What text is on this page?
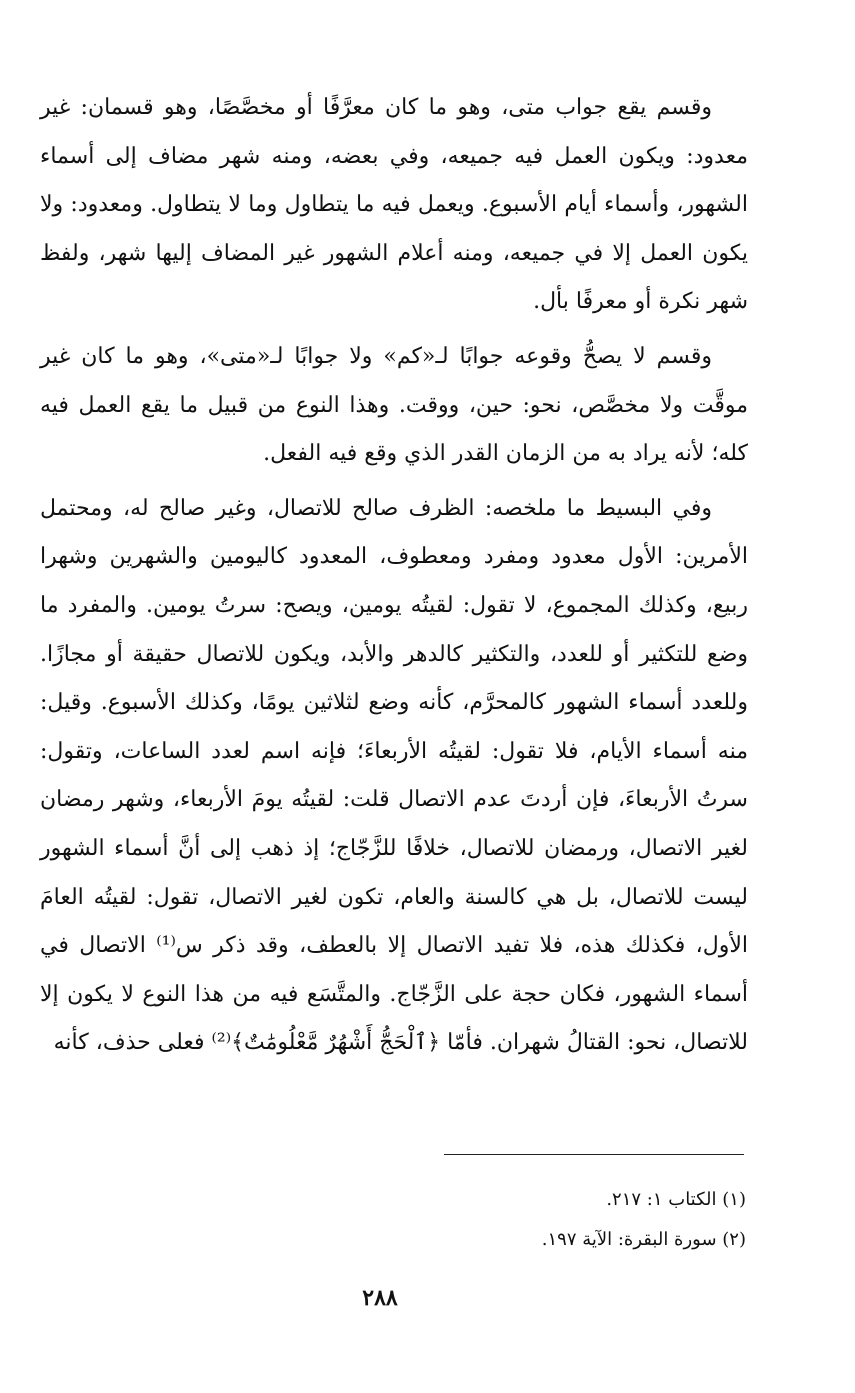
وقسم يقع جواب متى، وهو ما كان معرَّفًا أو مخصَّصًا، وهو قسمان: غير معدود: ويكون العمل فيه جميعه، وفي بعضه، ومنه شهر مضاف إلى أسماء الشهور، وأسماء أيام الأسبوع. ويعمل فيه ما يتطاول وما لا يتطاول. ومعدود: ولا يكون العمل إلا في جميعه، ومنه أعلام الشهور غير المضاف إليها شهر، ولفظ شهر نكرة أو معرفًا بأل.

وقسم لا يصحُّ وقوعه جوابًا لـ«كم» ولا جوابًا لـ«متى»، وهو ما كان غير موقَّت ولا مخصَّص، نحو: حين، ووقت. وهذا النوع من قبيل ما يقع العمل فيه كله؛ لأنه يراد به من الزمان القدر الذي وقع فيه الفعل.

وفي البسيط ما ملخصه: الظرف صالح للاتصال، وغير صالح له، ومحتمل الأمرين: الأول معدود ومفرد ومعطوف، المعدود كاليومين والشهرين وشهرا ربيع، وكذلك المجموع، لا تقول: لقيتُه يومين، ويصح: سرتُ يومين. والمفرد ما وضع للتكثير أو للعدد، والتكثير كالدهر والأبد، ويكون للاتصال حقيقة أو مجازًا. وللعدد أسماء الشهور كالمحرَّم، كأنه وضع لثلاثين يومًا، وكذلك الأسبوع. وقيل: منه أسماء الأيام، فلا تقول: لقيتُه الأربعاءَ؛ فإنه اسم لعدد الساعات، وتقول: سرتُ الأربعاءَ، فإن أردتَ عدم الاتصال قلت: لقيتُه يومَ الأربعاء، وشهر رمضان لغير الاتصال، ورمضان للاتصال، خلافًا للزَّجّاج؛ إذ ذهب إلى أنَّ أسماء الشهور ليست للاتصال، بل هي كالسنة والعام، تكون لغير الاتصال، تقول: لقيتُه العامَ الأول، فكذلك هذه، فلا تفيد الاتصال إلا بالعطف، وقد ذكر س⁽¹⁾ الاتصال في أسماء الشهور، فكان حجة على الزَّجّاج. والمتَّسَع فيه من هذا النوع لا يكون إلا للاتصال، نحو: القتالُ شهران. فأمّا ﴿ٱلْحَجُّ أَشْهُرٌ مَّعْلُومَٰتٌ﴾⁽²⁾ فعلى حذف، كأنه

(١) الكتاب ١: ٢١٧.
(٢) سورة البقرة: الآية ١٩٧.
٢٨٨
